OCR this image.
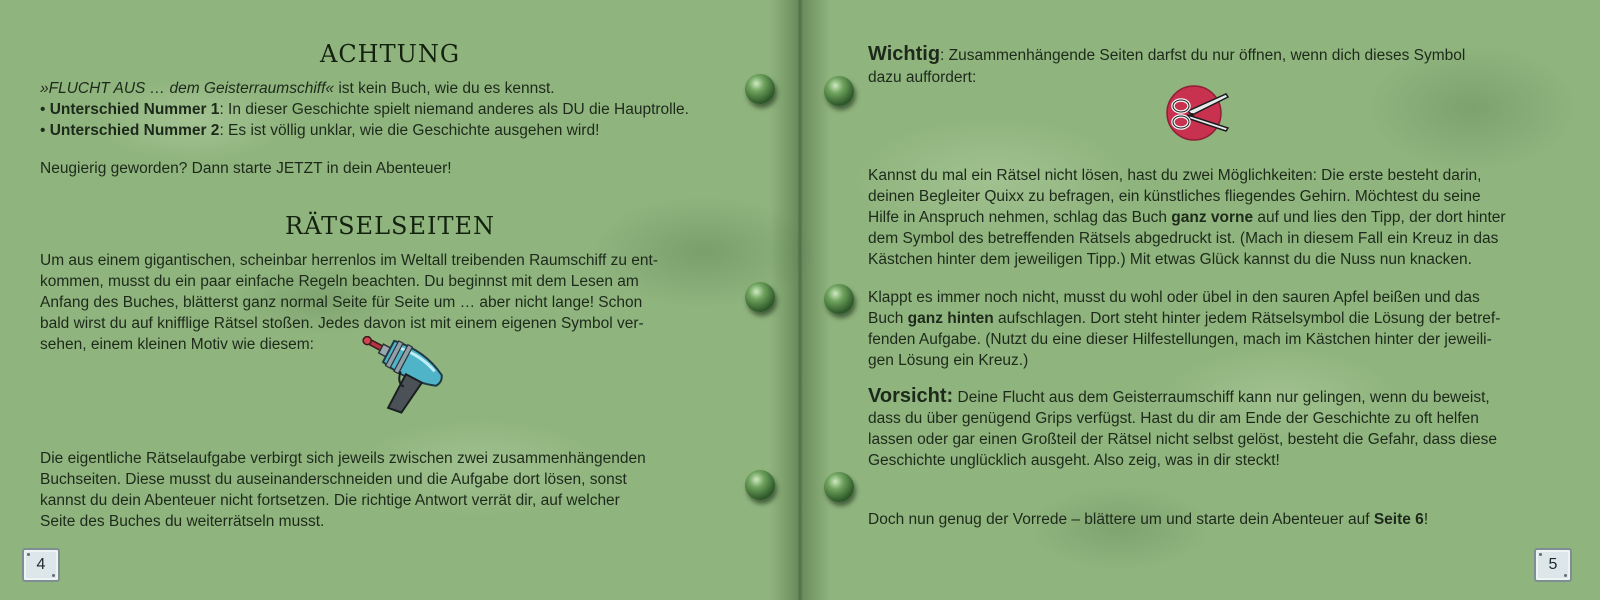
ACHTUNG

»FLUCHT AUS … dem Geisterraumschiff« ist kein Buch, wie du es kennst.

• Unterschied Nummer 1: In dieser Geschichte spielt niemand anderes als DU die Hauptrolle.

• Unterschied Nummer 2: Es ist völlig unklar, wie die Geschichte ausgehen wird!

Neugierig geworden? Dann starte JETZT in dein Abenteuer!

RÄTSELSEITEN
Um aus einem gigantischen, scheinbar herrenlos im Weltall treibenden Raumschiff zu ent-
kommen, musst du ein paar einfache Regeln beachten. Du beginnst mit dem Lesen am
Anfang des Buches, blätterst ganz normal Seite für Seite um … aber nicht lange! Schon
bald wirst du auf knifflige Rätsel stoßen. Jedes davon ist mit einem eigenen Symbol ver-
sehen, einem kleinen Motiv wie diesem:
Die eigentliche Rätselaufgabe verbirgt sich jeweils zwischen zwei zusammenhängenden
Buchseiten. Diese musst du auseinanderschneiden und die Aufgabe dort lösen, sonst
kannst du dein Abenteuer nicht fortsetzen. Die richtige Antwort verrät dir, auf welcher
Seite des Buches du weiterrätseln musst.
4

Wichtig: Zusammenhängende Seiten darfst du nur öffnen, wenn dich dieses Symbol

dazu auffordert:

Kannst du mal ein Rätsel nicht lösen, hast du zwei Möglichkeiten: Die erste besteht darin,
deinen Begleiter Quixx zu befragen, ein künstliches fliegendes Gehirn. Möchtest du seine
Hilfe in Anspruch nehmen, schlag das Buch ganz vorne auf und lies den Tipp, der dort hinter
dem Symbol des betreffenden Rätsels abgedruckt ist. (Mach in diesem Fall ein Kreuz in das
Kästchen hinter dem jeweiligen Tipp.) Mit etwas Glück kannst du die Nuss nun knacken.
Klappt es immer noch nicht, musst du wohl oder übel in den sauren Apfel beißen und das
Buch ganz hinten aufschlagen. Dort steht hinter jedem Rätselsymbol die Lösung der betref-
fenden Aufgabe. (Nutzt du eine dieser Hilfestellungen, mach im Kästchen hinter der jeweili-
gen Lösung ein Kreuz.)
Vorsicht: Deine Flucht aus dem Geisterraumschiff kann nur gelingen, wenn du beweist,
dass du über genügend Grips verfügst. Hast du dir am Ende der Geschichte zu oft helfen
lassen oder gar einen Großteil der Rätsel nicht selbst gelöst, besteht die Gefahr, dass diese
Geschichte unglücklich ausgeht. Also zeig, was in dir steckt!

Doch nun genug der Vorrede – blättere um und starte dein Abenteuer auf Seite 6!

5
